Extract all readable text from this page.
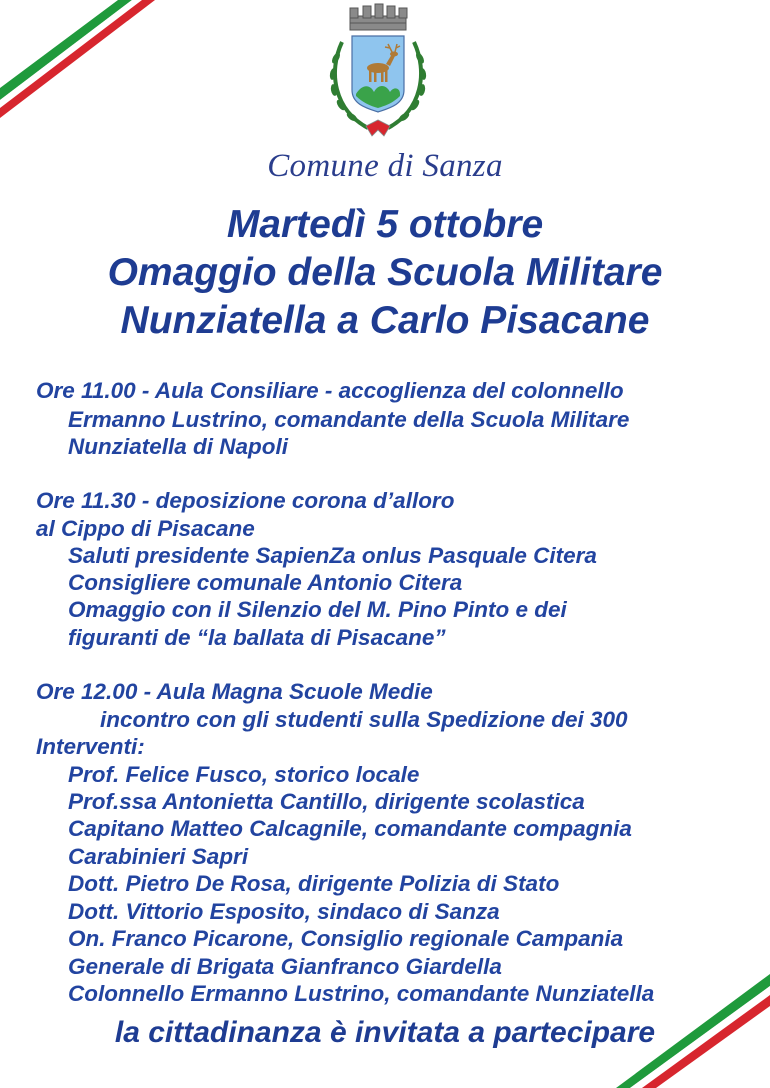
Comune di Sanza
Martedì 5 ottobre
Omaggio della Scuola Militare
Nunziatella a Carlo Pisacane
Ore 11.00 - Aula Consiliare - accoglienza del colonnello
Ermanno Lustrino, comandante della Scuola Militare
Nunziatella di Napoli
Ore 11.30 - deposizione corona d’alloro
al Cippo di Pisacane
Saluti presidente SapienZa onlus Pasquale Citera
Consigliere comunale Antonio Citera
Omaggio con il Silenzio del M. Pino Pinto e dei
figuranti de “la ballata di Pisacane”
Ore 12.00 - Aula Magna Scuole Medie
incontro con gli studenti sulla Spedizione dei 300
Interventi:
Prof. Felice Fusco, storico locale
Prof.ssa Antonietta Cantillo, dirigente scolastica
Capitano Matteo Calcagnile, comandante compagnia
Carabinieri Sapri
Dott. Pietro De Rosa, dirigente Polizia di Stato
Dott. Vittorio Esposito, sindaco di Sanza
On. Franco Picarone, Consiglio regionale Campania
Generale di Brigata Gianfranco Giardella
Colonnello Ermanno Lustrino, comandante Nunziatella
la cittadinanza è invitata a partecipare
